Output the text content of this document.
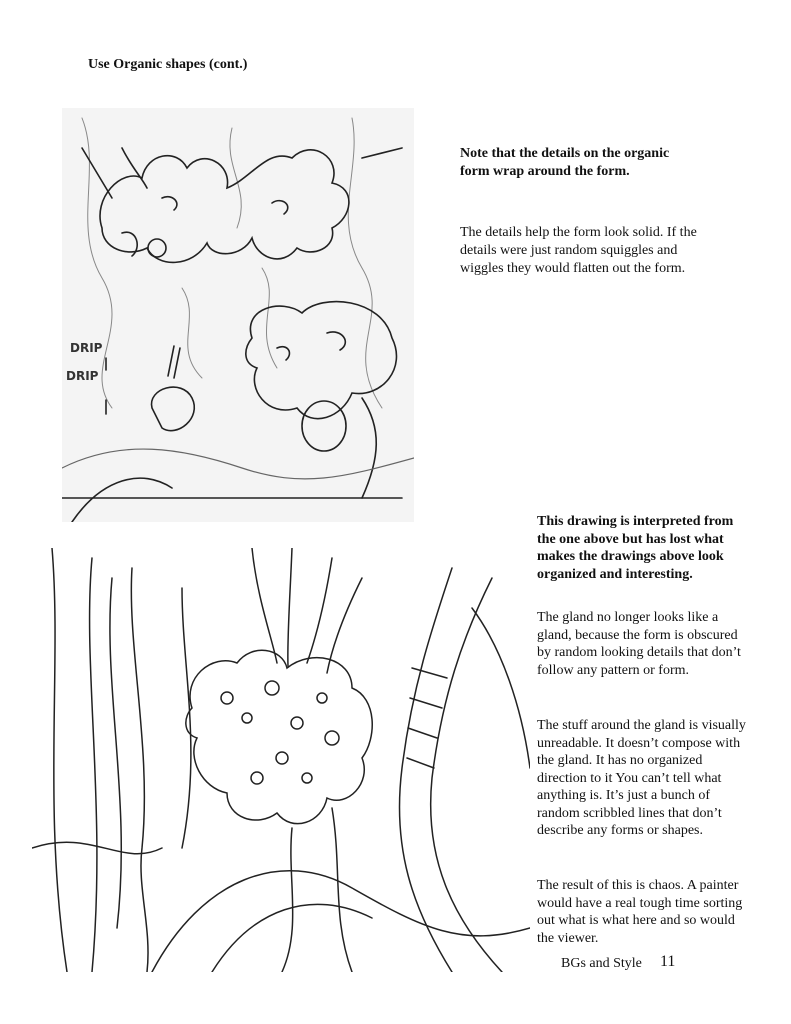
Use Organic shapes (cont.)
DRIP
DRIP
Note that the details on the organic form wrap around the form.
The details help the form look solid. If the details were just random squiggles and wiggles they would flatten out the form.
This drawing is interpreted from the one above but has lost what makes the drawings above look organized and interesting.
The gland no longer looks like a gland, because the form is obscured by random looking details that don’t follow any pattern or form.
The stuff around the gland is visually unreadable. It doesn’t compose with the gland. It has no organized direction to it You can’t tell what anything is. It’s just a bunch of random scribbled lines that don’t describe any forms or shapes.
The result of this is chaos. A painter would have a real tough time sorting out what is what here and so would the viewer.
BGs and Style 11
